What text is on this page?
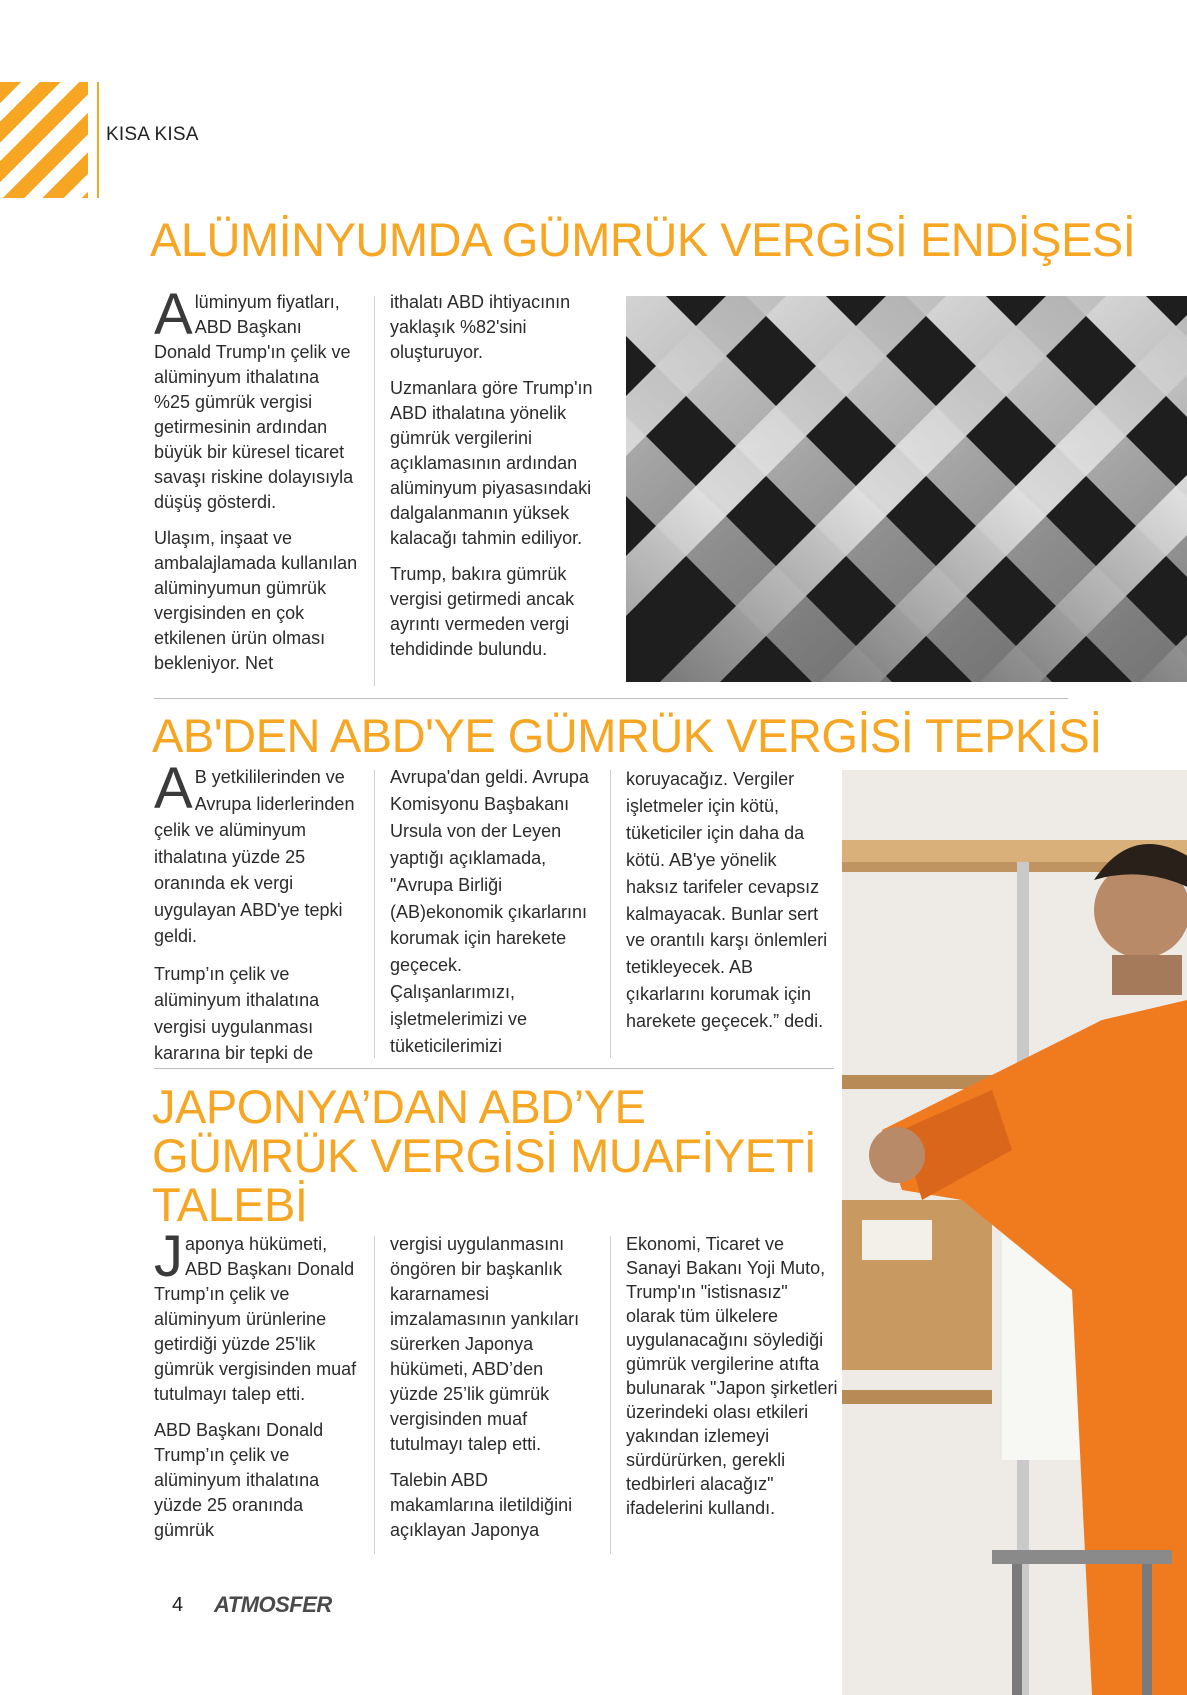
KISA KISA
ALÜMİNYUMDA GÜMRÜK VERGİSİ ENDİŞESİ

Alüminyum fiyatları, ABD Başkanı Donald Trump'ın çelik ve alüminyum ithalatına %25 gümrük vergisi getirmesinin ardından büyük bir küresel ticaret savaşı riskine dolayısıyla düşüş gösterdi.

Ulaşım, inşaat ve ambalajlamada kullanılan alüminyumun gümrük vergisinden en çok etkilenen ürün olması bekleniyor. Net

ithalatı ABD ihtiyacının yaklaşık %82'sini oluşturuyor.

Uzmanlara göre Trump'ın ABD ithalatına yönelik gümrük vergilerini açıklamasının ardından alüminyum piyasasındaki dalgalanmanın yüksek kalacağı tahmin ediliyor.

Trump, bakıra gümrük vergisi getirmedi ancak ayrıntı vermeden vergi tehdidinde bulundu.

AB'DEN ABD'YE GÜMRÜK VERGİSİ TEPKİSİ

A B yetkililerinden ve Avrupa liderlerinden çelik ve alüminyum ithalatına yüzde 25 oranında ek vergi uygulayan ABD'ye tepki geldi.

Trump’ın çelik ve alüminyum ithalatına vergisi uygulanması kararına bir tepki de

Avrupa'dan geldi. Avrupa Komisyonu Başbakanı Ursula von der Leyen yaptığı açıklamada, "Avrupa Birliği (AB)ekonomik çıkarlarını korumak için harekete geçecek. Çalışanlarımızı, işletmelerimizi ve tüketicilerimizi

koruyacağız. Vergiler işletmeler için kötü, tüketiciler için daha da kötü. AB'ye yönelik haksız tarifeler cevapsız kalmayacak. Bunlar sert ve orantılı karşı önlemleri tetikleyecek. AB çıkarlarını korumak için harekete geçecek.” dedi.

JAPONYA’DAN ABD’YE GÜMRÜK VERGİSİ MUAFİYETİ TALEBİ

Japonya hükümeti, ABD Başkanı Donald Trump’ın çelik ve alüminyum ürünlerine getirdiği yüzde 25'lik gümrük vergisinden muaf tutulmayı talep etti.

ABD Başkanı Donald Trump’ın çelik ve alüminyum ithalatına yüzde 25 oranında gümrük

vergisi uygulanmasını öngören bir başkanlık kararnamesi imzalamasının yankıları sürerken Japonya hükümeti, ABD’den yüzde 25’lik gümrük vergisinden muaf tutulmayı talep etti.

Talebin ABD makamlarına iletildiğini açıklayan Japonya

Ekonomi, Ticaret ve Sanayi Bakanı Yoji Muto, Trump'ın "istisnasız" olarak tüm ülkelere uygulanacağını söylediği gümrük vergilerine atıfta bulunarak "Japon şirketleri üzerindeki olası etkileri yakından izlemeyi sürdürürken, gerekli tedbirleri alacağız" ifadelerini kullandı.

4 ATMOSFER
